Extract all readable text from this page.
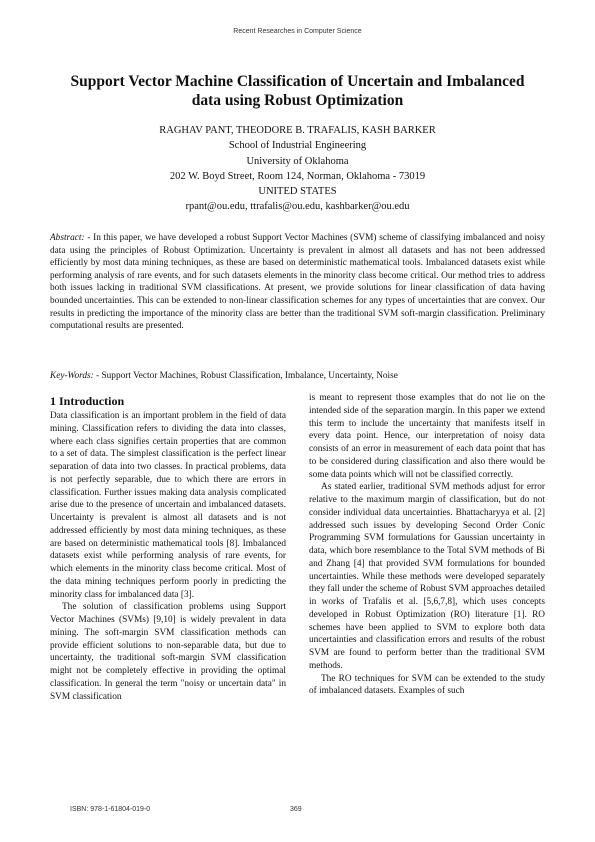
Recent Researches in Computer Science
Support Vector Machine Classification of Uncertain and Imbalanced
data using Robust Optimization
RAGHAV PANT, THEODORE B. TRAFALIS, KASH BARKER
School of Industrial Engineering
University of Oklahoma
202 W. Boyd Street, Room 124, Norman, Oklahoma - 73019
UNITED STATES
rpant@ou.edu, ttrafalis@ou.edu, kashbarker@ou.edu
Abstract: - In this paper, we have developed a robust Support Vector Machines (SVM) scheme of classifying imbalanced and noisy data using the principles of Robust Optimization. Uncertainty is prevalent in almost all datasets and has not been addressed efficiently by most data mining techniques, as these are based on deterministic mathematical tools. Imbalanced datasets exist while performing analysis of rare events, and for such datasets elements in the minority class become critical. Our method tries to address both issues lacking in traditional SVM classifications. At present, we provide solutions for linear classification of data having bounded uncertainties. This can be extended to non-linear classification schemes for any types of uncertainties that are convex. Our results in predicting the importance of the minority class are better than the traditional SVM soft-margin classification. Preliminary computational results are presented.
Key-Words: - Support Vector Machines, Robust Classification, Imbalance, Uncertainty, Noise
1 Introduction

Data classification is an important problem in the field of data mining. Classification refers to dividing the data into classes, where each class signifies certain properties that are common to a set of data. The simplest classification is the perfect linear separation of data into two classes. In practical problems, data is not perfectly separable, due to which there are errors in classification. Further issues making data analysis complicated arise due to the presence of uncertain and imbalanced datasets. Uncertainty is prevalent is almost all datasets and is not addressed efficiently by most data mining techniques, as these are based on deterministic mathematical tools [8]. Imbalanced datasets exist while performing analysis of rare events, for which elements in the minority class become critical. Most of the data mining techniques perform poorly in predicting the minority class for imbalanced data [3].

The solution of classification problems using Support Vector Machines (SVMs) [9,10] is widely prevalent in data mining. The soft-margin SVM classification methods can provide efficient solutions to non-separable data, but due to uncertainty, the traditional soft-margin SVM classification might not be completely effective in providing the optimal classification. In general the term "noisy or uncertain data" in SVM classification

is meant to represent those examples that do not lie on the intended side of the separation margin. In this paper we extend this term to include the uncertainty that manifests itself in every data point. Hence, our interpretation of noisy data consists of an error in measurement of each data point that has to be considered during classification and also there would be some data points which will not be classified correctly.

As stated earlier, traditional SVM methods adjust for error relative to the maximum margin of classification, but do not consider individual data uncertainties. Bhattacharyya et al. [2] addressed such issues by developing Second Order Conic Programming SVM formulations for Gaussian uncertainty in data, which bore resemblance to the Total SVM methods of Bi and Zhang [4] that provided SVM formulations for bounded uncertainties. While these methods were developed separately they fall under the scheme of Robust SVM approaches detailed in works of Trafalis et al. [5,6,7,8], which uses concepts developed in Robust Optimization (RO) literature [1]. RO schemes have been applied to SVM to explore both data uncertainties and classification errors and results of the robust SVM are found to perform better than the traditional SVM methods.

The RO techniques for SVM can be extended to the study of imbalanced datasets. Examples of such

ISBN: 978-1-61804-019-0	369
